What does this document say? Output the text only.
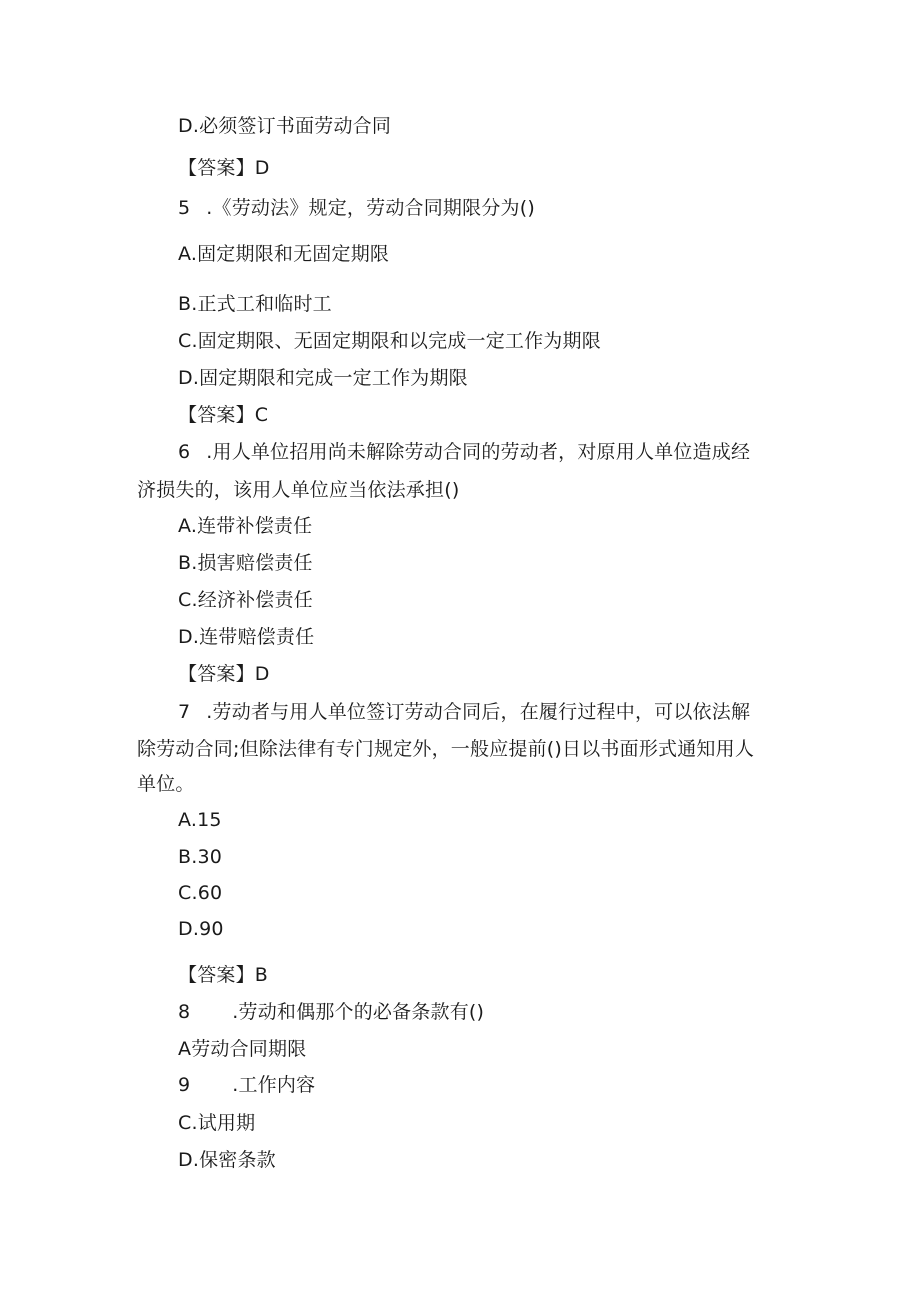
D.必须签订书面劳动合同
【答案】D
5 .《劳动法》规定，劳动合同期限分为()
A.固定期限和无固定期限
B.正式工和临时工
C.固定期限、无固定期限和以完成一定工作为期限
D.固定期限和完成一定工作为期限
【答案】C
6 .用人单位招用尚未解除劳动合同的劳动者，对原用人单位造成经
济损失的，该用人单位应当依法承担()
A.连带补偿责任
B.损害赔偿责任
C.经济补偿责任
D.连带赔偿责任
【答案】D
7 .劳动者与用人单位签订劳动合同后，在履行过程中，可以依法解
除劳动合同;但除法律有专门规定外，一般应提前()日以书面形式通知用人
单位。
A.15
B.30
C.60
D.90
【答案】B
8 .劳动和偶那个的必备条款有()
A劳动合同期限
9 .工作内容
C.试用期
D.保密条款
